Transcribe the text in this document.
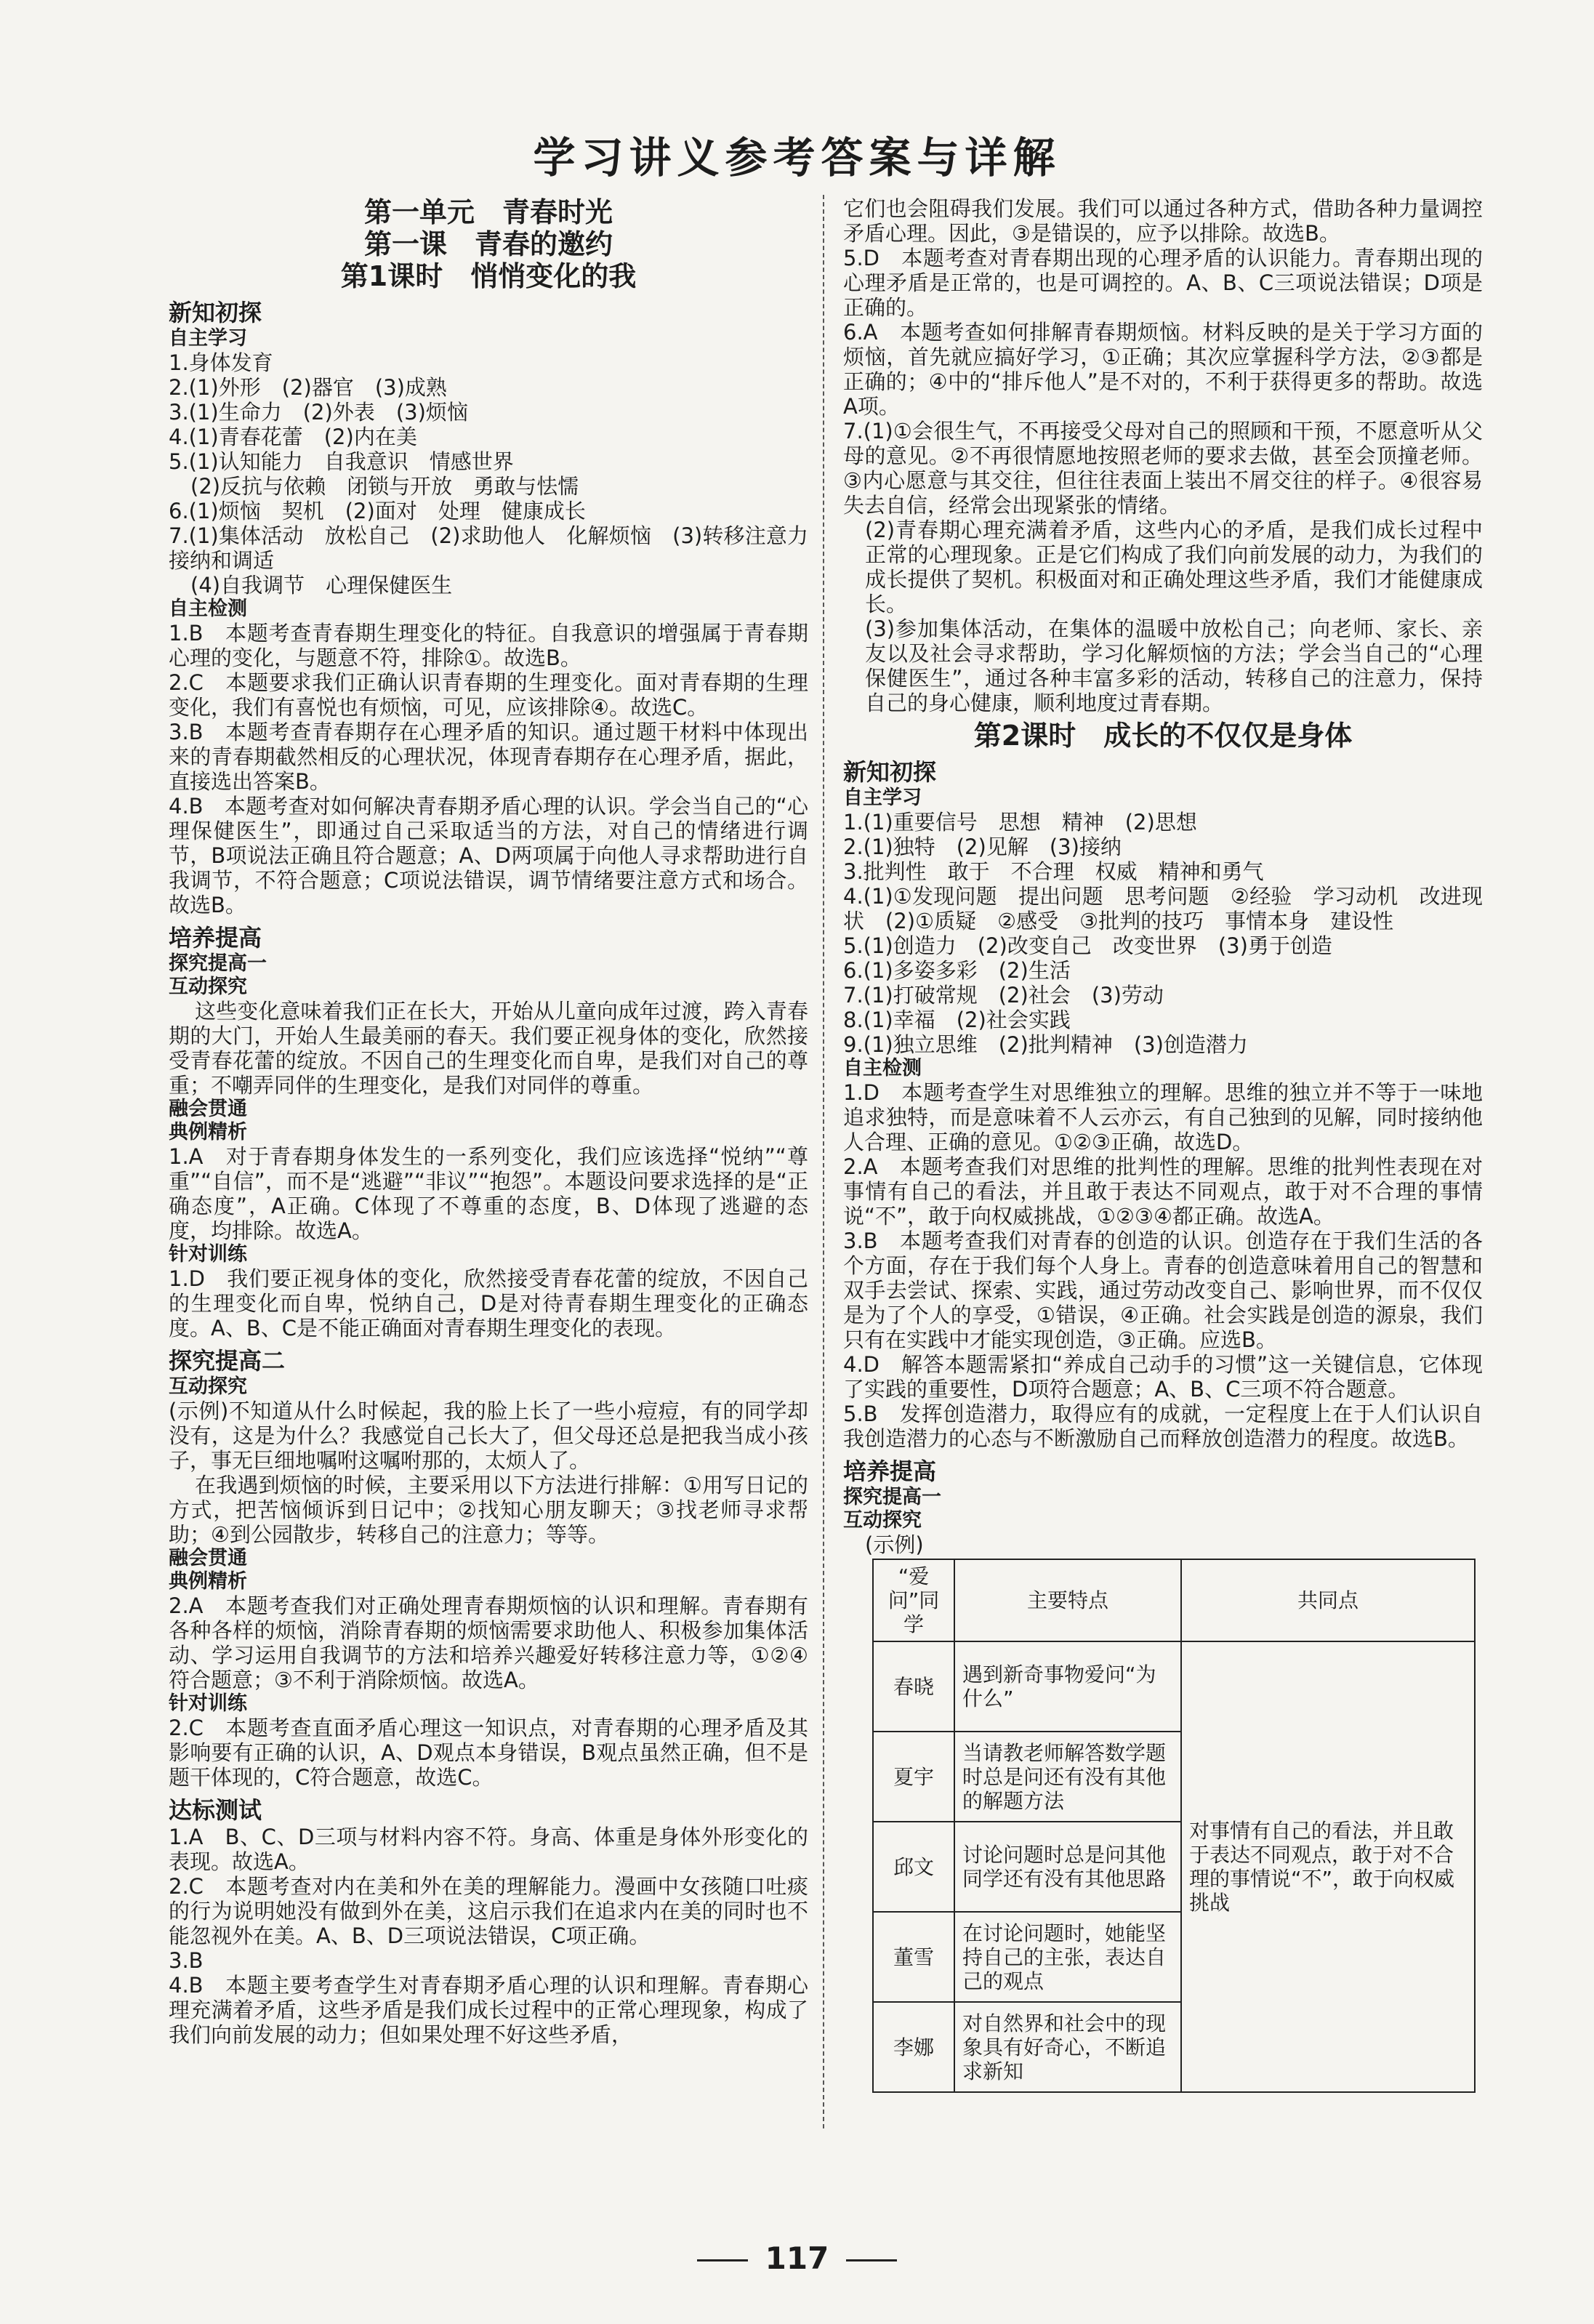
学习讲义参考答案与详解
第一单元　青春时光
第一课　青春的邀约
第1课时　悄悄变化的我
新知初探
自主学习
1.身体发育
2.(1)外形　(2)器官　(3)成熟
3.(1)生命力　(2)外表　(3)烦恼
4.(1)青春花蕾　(2)内在美
5.(1)认知能力　自我意识　情感世界
(2)反抗与依赖　闭锁与开放　勇敢与怯懦
6.(1)烦恼　契机　(2)面对　处理　健康成长
7.(1)集体活动　放松自己　(2)求助他人　化解烦恼　(3)转移注意力　接纳和调适
(4)自我调节　心理保健医生
自主检测
1.B　本题考查青春期生理变化的特征。自我意识的增强属于青春期心理的变化，与题意不符，排除①。故选B。
2.C　本题要求我们正确认识青春期的生理变化。面对青春期的生理变化，我们有喜悦也有烦恼，可见，应该排除④。故选C。
3.B　本题考查青春期存在心理矛盾的知识。通过题干材料中体现出来的青春期截然相反的心理状况，体现青春期存在心理矛盾，据此，直接选出答案B。
4.B　本题考查对如何解决青春期矛盾心理的认识。学会当自己的“心理保健医生”，即通过自己采取适当的方法，对自己的情绪进行调节，B项说法正确且符合题意；A、D两项属于向他人寻求帮助进行自我调节，不符合题意；C项说法错误，调节情绪要注意方式和场合。故选B。
培养提高
探究提高一
互动探究
这些变化意味着我们正在长大，开始从儿童向成年过渡，跨入青春期的大门，开始人生最美丽的春天。我们要正视身体的变化，欣然接受青春花蕾的绽放。不因自己的生理变化而自卑，是我们对自己的尊重；不嘲弄同伴的生理变化，是我们对同伴的尊重。
融会贯通
典例精析
1.A　对于青春期身体发生的一系列变化，我们应该选择“悦纳”“尊重”“自信”，而不是“逃避”“非议”“抱怨”。本题设问要求选择的是“正确态度”，A正确。C体现了不尊重的态度，B、D体现了逃避的态度，均排除。故选A。
针对训练
1.D　我们要正视身体的变化，欣然接受青春花蕾的绽放，不因自己的生理变化而自卑，悦纳自己，D是对待青春期生理变化的正确态度。A、B、C是不能正确面对青春期生理变化的表现。
探究提高二
互动探究
(示例)不知道从什么时候起，我的脸上长了一些小痘痘，有的同学却没有，这是为什么？我感觉自己长大了，但父母还总是把我当成小孩子，事无巨细地嘱咐这嘱咐那的，太烦人了。
在我遇到烦恼的时候，主要采用以下方法进行排解：①用写日记的方式，把苦恼倾诉到日记中；②找知心朋友聊天；③找老师寻求帮助；④到公园散步，转移自己的注意力；等等。
融会贯通
典例精析
2.A　本题考查我们对正确处理青春期烦恼的认识和理解。青春期有各种各样的烦恼，消除青春期的烦恼需要求助他人、积极参加集体活动、学习运用自我调节的方法和培养兴趣爱好转移注意力等，①②④符合题意；③不利于消除烦恼。故选A。
针对训练
2.C　本题考查直面矛盾心理这一知识点，对青春期的心理矛盾及其影响要有正确的认识，A、D观点本身错误，B观点虽然正确，但不是题干体现的，C符合题意，故选C。
达标测试
1.A　B、C、D三项与材料内容不符。身高、体重是身体外形变化的表现。故选A。
2.C　本题考查对内在美和外在美的理解能力。漫画中女孩随口吐痰的行为说明她没有做到外在美，这启示我们在追求内在美的同时也不能忽视外在美。A、B、D三项说法错误，C项正确。
3.B
4.B　本题主要考查学生对青春期矛盾心理的认识和理解。青春期心理充满着矛盾，这些矛盾是我们成长过程中的正常心理现象，构成了我们向前发展的动力；但如果处理不好这些矛盾，
它们也会阻碍我们发展。我们可以通过各种方式，借助各种力量调控矛盾心理。因此，③是错误的，应予以排除。故选B。
5.D　本题考查对青春期出现的心理矛盾的认识能力。青春期出现的心理矛盾是正常的，也是可调控的。A、B、C三项说法错误；D项是正确的。
6.A　本题考查如何排解青春期烦恼。材料反映的是关于学习方面的烦恼，首先就应搞好学习，①正确；其次应掌握科学方法，②③都是正确的；④中的“排斥他人”是不对的，不利于获得更多的帮助。故选A项。
7.(1)①会很生气，不再接受父母对自己的照顾和干预，不愿意听从父母的意见。②不再很情愿地按照老师的要求去做，甚至会顶撞老师。③内心愿意与其交往，但往往表面上装出不屑交往的样子。④很容易失去自信，经常会出现紧张的情绪。
(2)青春期心理充满着矛盾，这些内心的矛盾，是我们成长过程中正常的心理现象。正是它们构成了我们向前发展的动力，为我们的成长提供了契机。积极面对和正确处理这些矛盾，我们才能健康成长。
(3)参加集体活动，在集体的温暖中放松自己；向老师、家长、亲友以及社会寻求帮助，学习化解烦恼的方法；学会当自己的“心理保健医生”，通过各种丰富多彩的活动，转移自己的注意力，保持自己的身心健康，顺利地度过青春期。
第2课时　成长的不仅仅是身体
新知初探
自主学习
1.(1)重要信号　思想　精神　(2)思想
2.(1)独特　(2)见解　(3)接纳
3.批判性　敢于　不合理　权威　精神和勇气
4.(1)①发现问题　提出问题　思考问题　②经验　学习动机　改进现状　(2)①质疑　②感受　③批判的技巧　事情本身　建设性
5.(1)创造力　(2)改变自己　改变世界　(3)勇于创造
6.(1)多姿多彩　(2)生活
7.(1)打破常规　(2)社会　(3)劳动
8.(1)幸福　(2)社会实践
9.(1)独立思维　(2)批判精神　(3)创造潜力
自主检测
1.D　本题考查学生对思维独立的理解。思维的独立并不等于一味地追求独特，而是意味着不人云亦云，有自己独到的见解，同时接纳他人合理、正确的意见。①②③正确，故选D。
2.A　本题考查我们对思维的批判性的理解。思维的批判性表现在对事情有自己的看法，并且敢于表达不同观点，敢于对不合理的事情说“不”，敢于向权威挑战，①②③④都正确。故选A。
3.B　本题考查我们对青春的创造的认识。创造存在于我们生活的各个方面，存在于我们每个人身上。青春的创造意味着用自己的智慧和双手去尝试、探索、实践，通过劳动改变自己、影响世界，而不仅仅是为了个人的享受，①错误，④正确。社会实践是创造的源泉，我们只有在实践中才能实现创造，③正确。应选B。
4.D　解答本题需紧扣“养成自己动手的习惯”这一关键信息，它体现了实践的重要性，D项符合题意；A、B、C三项不符合题意。
5.B　发挥创造潜力，取得应有的成就，一定程度上在于人们认识自我创造潜力的心态与不断激励自己而释放创造潜力的程度。故选B。
培养提高
探究提高一
互动探究
(示例)
“爱问”同学	主要特点	共同点
春晓	遇到新奇事物爱问“为什么”	对事情有自己的看法，并且敢于表达不同观点，敢于对不合理的事情说“不”，敢于向权威挑战
夏宇	当请教老师解答数学题时总是问还有没有其他的解题方法	
邱文	讨论问题时总是问其他同学还有没有其他思路	
董雪	在讨论问题时，她能坚持自己的主张，表达自己的观点	
李娜	对自然界和社会中的现象具有好奇心，不断追求新知	
117
